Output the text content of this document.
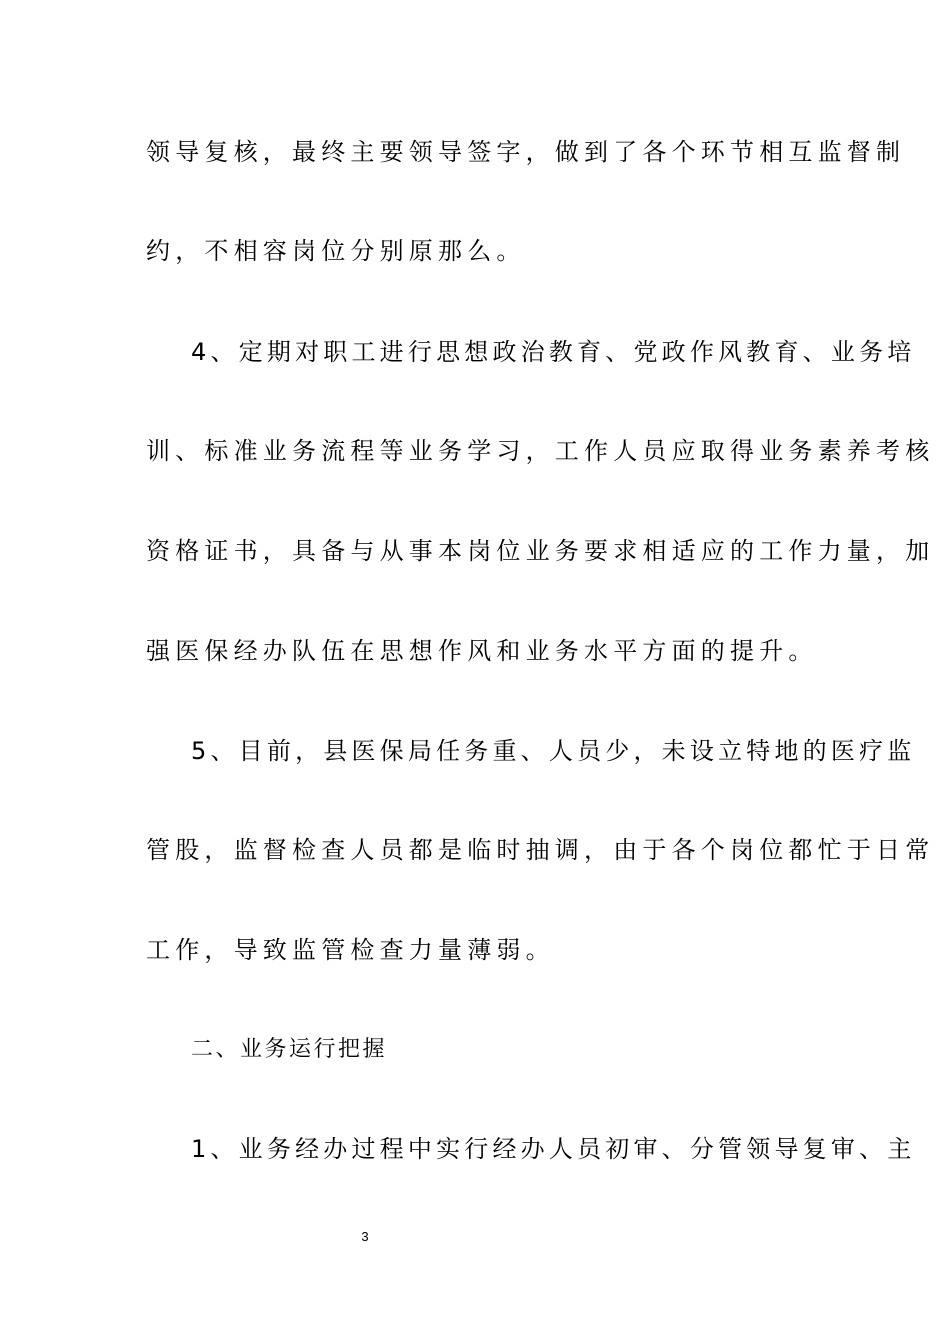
领导复核，最终主要领导签字，做到了各个环节相互监督制
约，不相容岗位分别原那么。
4、定期对职工进行思想政治教育、党政作风教育、业务培
训、标准业务流程等业务学习，工作人员应取得业务素养考核
资格证书，具备与从事本岗位业务要求相适应的工作力量，加
强医保经办队伍在思想作风和业务水平方面的提升。
5、目前，县医保局任务重、人员少，未设立特地的医疗监
管股，监督检查人员都是临时抽调，由于各个岗位都忙于日常
工作，导致监管检查力量薄弱。
二、业务运行把握
1、业务经办过程中实行经办人员初审、分管领导复审、主
3
